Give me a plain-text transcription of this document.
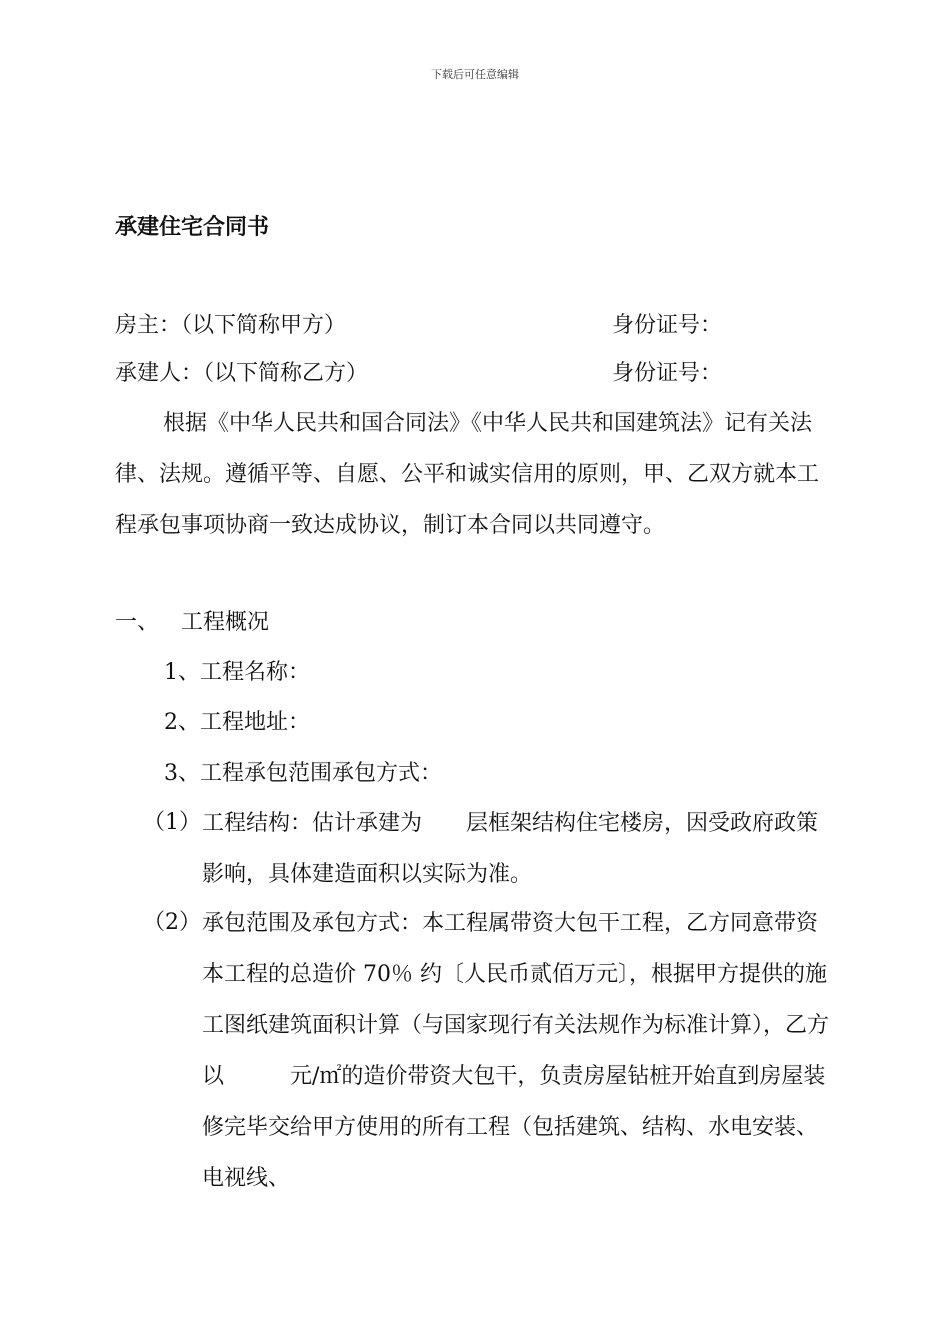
下载后可任意编辑
承建住宅合同书
房主：（以下简称甲方）	身份证号：
承建人：（以下简称乙方）	身份证号：
根据《中华人民共和国合同法》《中华人民共和国建筑法》记有关法律、法规。遵循平等、自愿、公平和诚实信用的原则，甲、乙双方就本工程承包事项协商一致达成协议，制订本合同以共同遵守。
一、 工程概况
1、工程名称：
2、工程地址：
3、工程承包范围承包方式：
（1） 工程结构：估计承建为　　层框架结构住宅楼房，因受政府政策影响，具体建造面积以实际为准。
（2） 承包范围及承包方式：本工程属带资大包干工程，乙方同意带资本工程的总造价 70％ 约〔人民币贰佰万元〕，根据甲方提供的施工图纸建筑面积计算（与国家现行有关法规作为标准计算），乙方以　　　元/㎡的造价带资大包干，负责房屋钻桩开始直到房屋装修完毕交给甲方使用的所有工程（包括建筑、结构、水电安装、电视线、
